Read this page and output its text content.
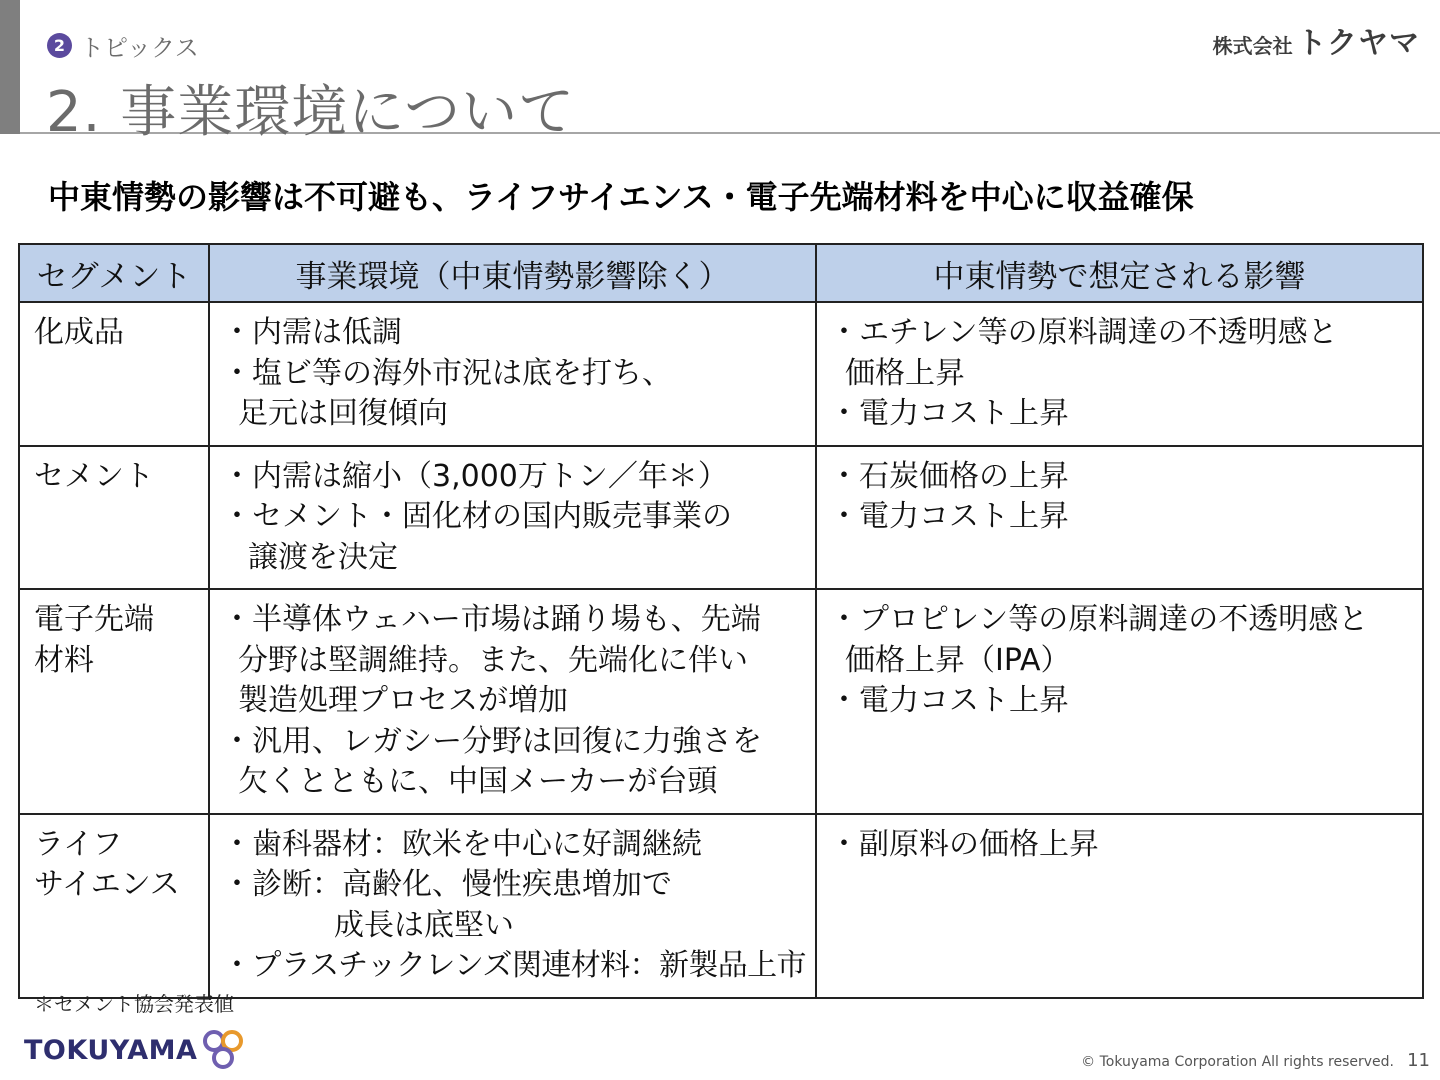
2 トピックス
2. 事業環境について
株式会社 トクヤマ
中東情勢の影響は不可避も、ライフサイエンス・電子先端材料を中心に収益確保
セグメント	事業環境（中東情勢影響除く）	中東情勢で想定される影響

化成品	・内需は低調
・塩ビ等の海外市況は底を打ち、
足元は回復傾向	・エチレン等の原料調達の不透明感と
価格上昇
・電力コスト上昇

セメント	・内需は縮小（3,000万トン／年＊）
・セメント・固化材の国内販売事業の
譲渡を決定	・石炭価格の上昇
・電力コスト上昇

電子先端
材料	・半導体ウェハー市場は踊り場も、先端
分野は堅調維持。また、先端化に伴い
製造処理プロセスが増加
・汎用、レガシー分野は回復に力強さを
欠くとともに、中国メーカーが台頭	・プロピレン等の原料調達の不透明感と
価格上昇（IPA）
・電力コスト上昇

ライフ
サイエンス	・歯科器材：欧米を中心に好調継続
・診断：高齢化、慢性疾患増加で
成長は底堅い
・プラスチックレンズ関連材料：新製品上市	・副原料の価格上昇
＊セメント協会発表値
TOKUYAMA	© Tokuyama Corporation All rights reserved. 11
